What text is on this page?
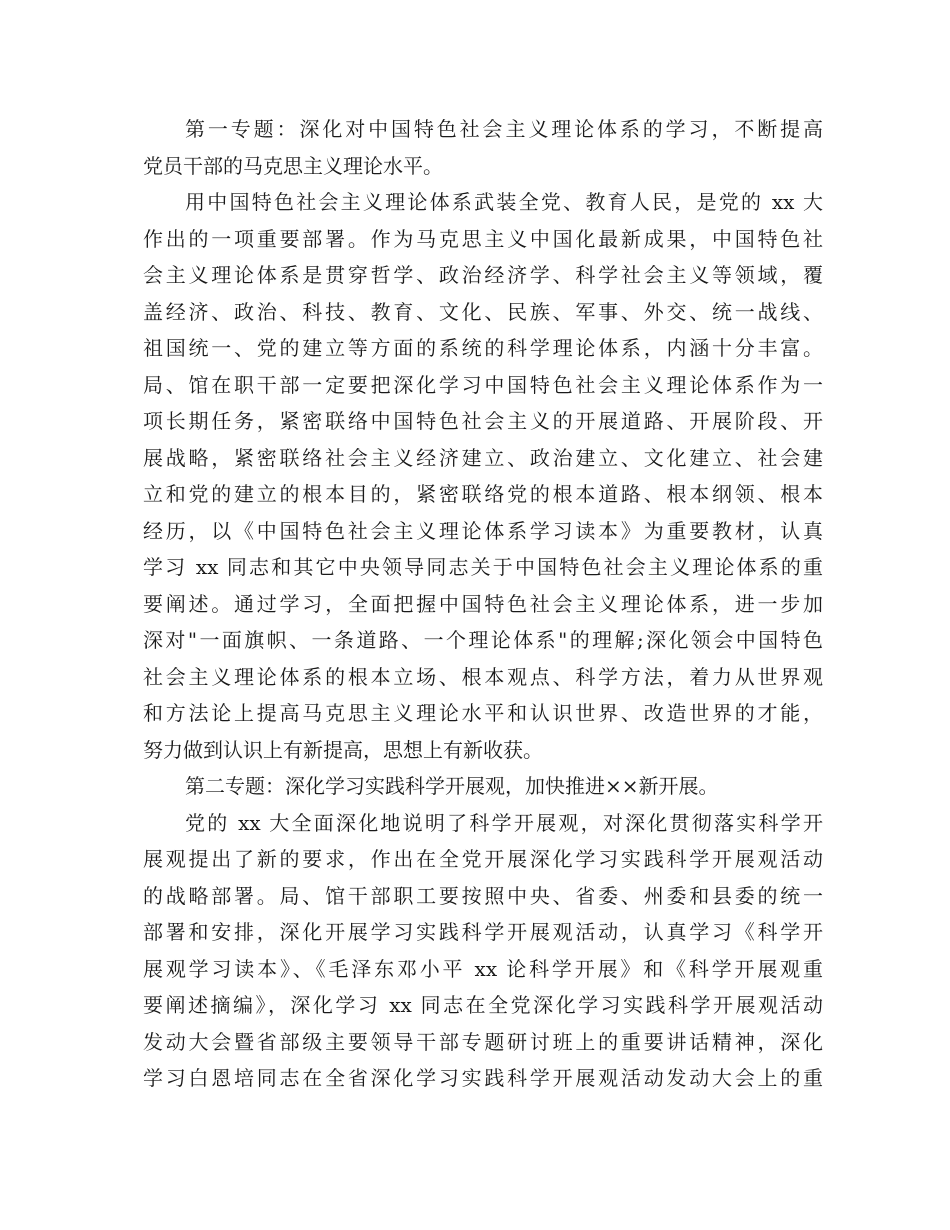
第一专题：深化对中国特色社会主义理论体系的学习，不断提高
党员干部的马克思主义理论水平。
用中国特色社会主义理论体系武装全党、教育人民，是党的 xx 大
作出的一项重要部署。作为马克思主义中国化最新成果，中国特色社
会主义理论体系是贯穿哲学、政治经济学、科学社会主义等领域，覆
盖经济、政治、科技、教育、文化、民族、军事、外交、统一战线、
祖国统一、党的建立等方面的系统的科学理论体系，内涵十分丰富。
局、馆在职干部一定要把深化学习中国特色社会主义理论体系作为一
项长期任务，紧密联络中国特色社会主义的开展道路、开展阶段、开
展战略，紧密联络社会主义经济建立、政治建立、文化建立、社会建
立和党的建立的根本目的，紧密联络党的根本道路、根本纲领、根本
经历，以《中国特色社会主义理论体系学习读本》为重要教材，认真
学习 xx 同志和其它中央领导同志关于中国特色社会主义理论体系的重
要阐述。通过学习，全面把握中国特色社会主义理论体系，进一步加
深对"一面旗帜、一条道路、一个理论体系"的理解;深化领会中国特色
社会主义理论体系的根本立场、根本观点、科学方法，着力从世界观
和方法论上提高马克思主义理论水平和认识世界、改造世界的才能，
努力做到认识上有新提高，思想上有新收获。
第二专题：深化学习实践科学开展观，加快推进××新开展。
党的 xx 大全面深化地说明了科学开展观，对深化贯彻落实科学开
展观提出了新的要求，作出在全党开展深化学习实践科学开展观活动
的战略部署。局、馆干部职工要按照中央、省委、州委和县委的统一
部署和安排，深化开展学习实践科学开展观活动，认真学习《科学开
展观学习读本》、《毛泽东邓小平 xx 论科学开展》和《科学开展观重
要阐述摘编》，深化学习 xx 同志在全党深化学习实践科学开展观活动
发动大会暨省部级主要领导干部专题研讨班上的重要讲话精神，深化
学习白恩培同志在全省深化学习实践科学开展观活动发动大会上的重
